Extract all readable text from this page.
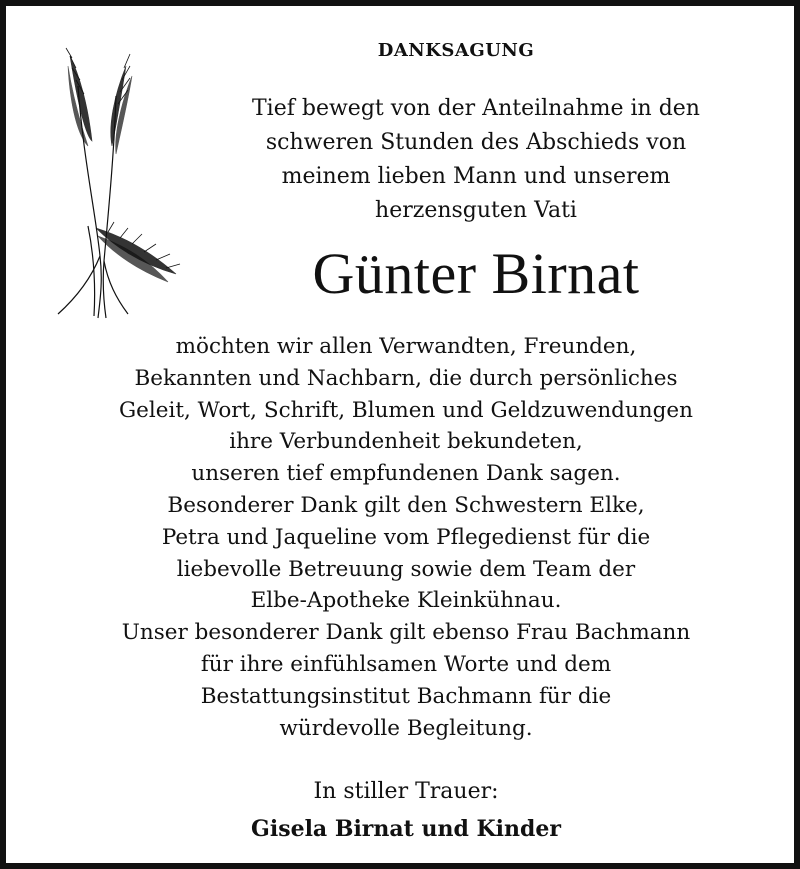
DANKSAGUNG
Tief bewegt von der Anteilnahme in den
schweren Stunden des Abschieds von
meinem lieben Mann und unserem
herzensguten Vati
Günter Birnat
möchten wir allen Verwandten, Freunden,
Bekannten und Nachbarn, die durch persönliches
Geleit, Wort, Schrift, Blumen und Geldzuwendungen
ihre Verbundenheit bekundeten,
unseren tief empfundenen Dank sagen.
Besonderer Dank gilt den Schwestern Elke,
Petra und Jaqueline vom Pflegedienst für die
liebevolle Betreuung sowie dem Team der
Elbe-Apotheke Kleinkühnau.
Unser besonderer Dank gilt ebenso Frau Bachmann
für ihre einfühlsamen Worte und dem
Bestattungsinstitut Bachmann für die
würdevolle Begleitung.
In stiller Trauer:
Gisela Birnat und Kinder
